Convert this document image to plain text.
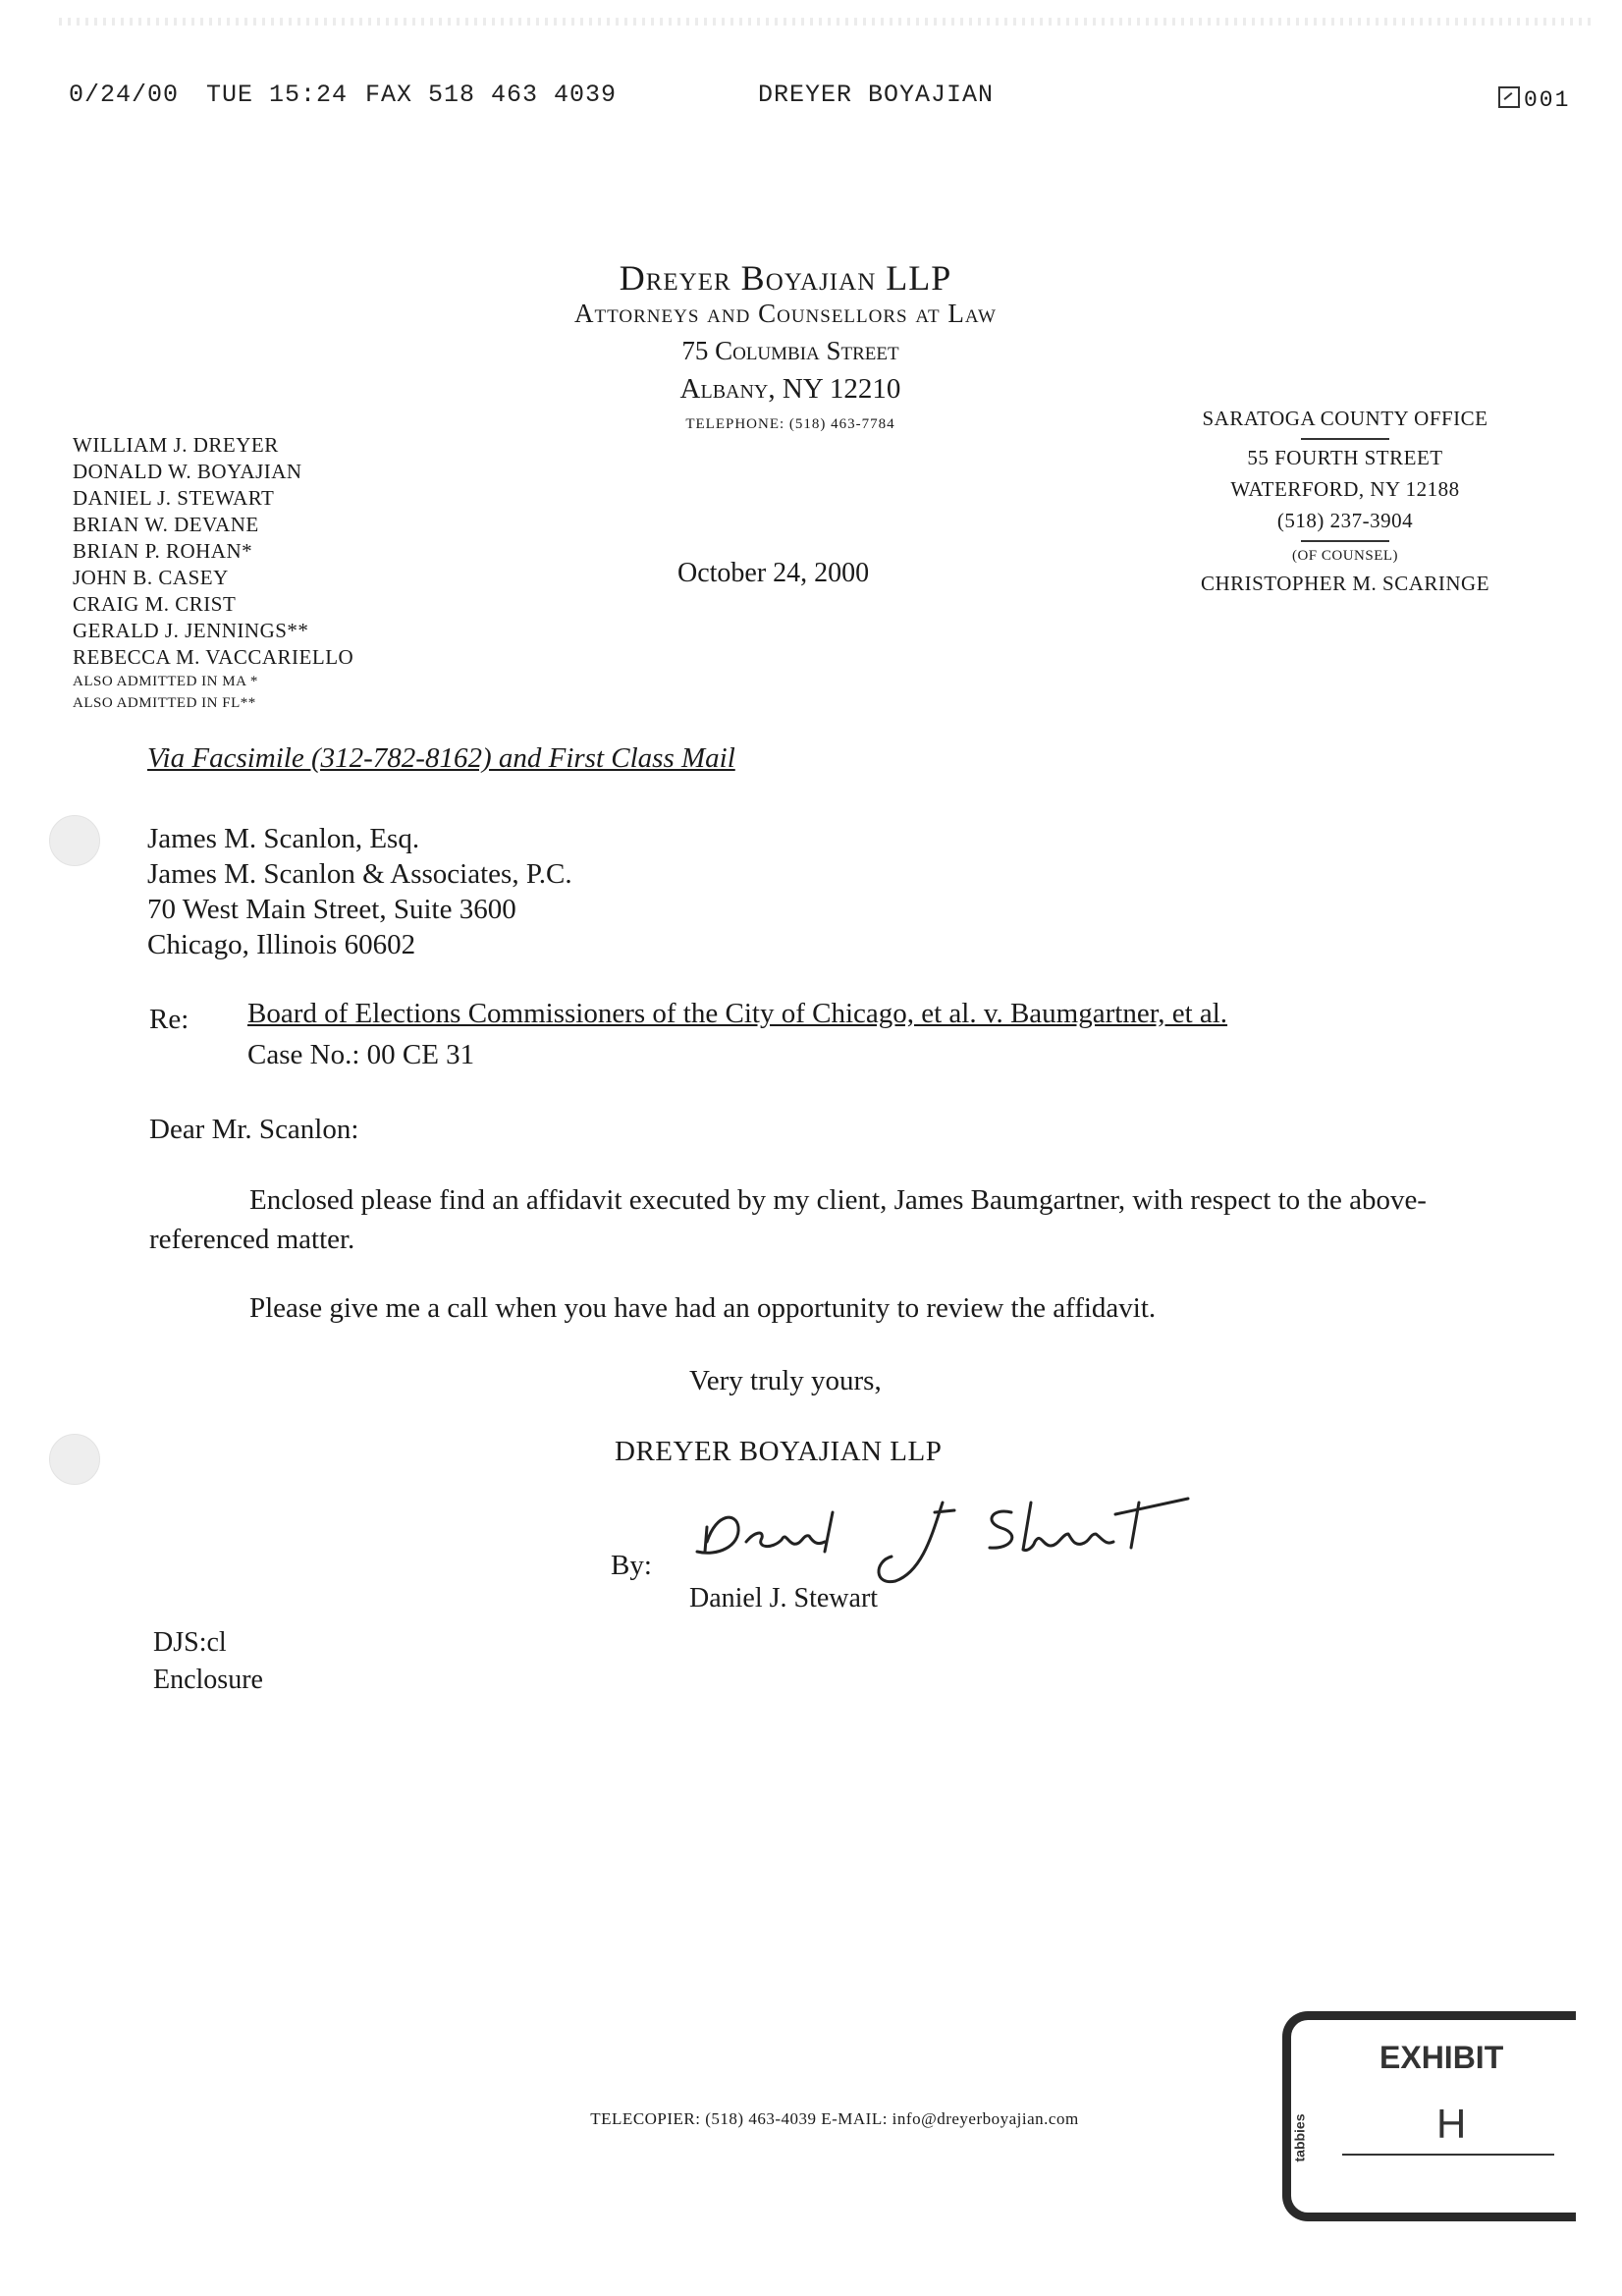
0/24/00 TUE 15:24 FAX 518 463 4039	DREYER BOYAJIAN	001
Dreyer Boyajian LLP
Attorneys and Counsellors at Law
75 Columbia Street
Albany, NY 12210
TELEPHONE: (518) 463-7784
WILLIAM J. DREYER
DONALD W. BOYAJIAN
DANIEL J. STEWART
BRIAN W. DEVANE
BRIAN P. ROHAN*
JOHN B. CASEY
CRAIG M. CRIST
GERALD J. JENNINGS**
REBECCA M. VACCARIELLO
ALSO ADMITTED IN MA *
ALSO ADMITTED IN FL**
SARATOGA COUNTY OFFICE
55 FOURTH STREET
WATERFORD, NY 12188
(518) 237-3904
(OF COUNSEL)
CHRISTOPHER M. SCARINGE
October 24, 2000
Via Facsimile (312-782-8162) and First Class Mail
James M. Scanlon, Esq.
James M. Scanlon & Associates, P.C.
70 West Main Street, Suite 3600
Chicago, Illinois 60602
Re: Board of Elections Commissioners of the City of Chicago, et al. v. Baumgartner, et al.
Case No.: 00 CE 31
Dear Mr. Scanlon:
Enclosed please find an affidavit executed by my client, James Baumgartner, with respect to the above-referenced matter.
Please give me a call when you have had an opportunity to review the affidavit.
Very truly yours,
DREYER BOYAJIAN LLP
By:
Daniel J. Stewart
Daniel J. Stewart
DJS:cl
Enclosure
TELECOPIER: (518) 463-4039 E-MAIL: info@dreyerboyajian.com
EXHIBIT
tabbies	H
